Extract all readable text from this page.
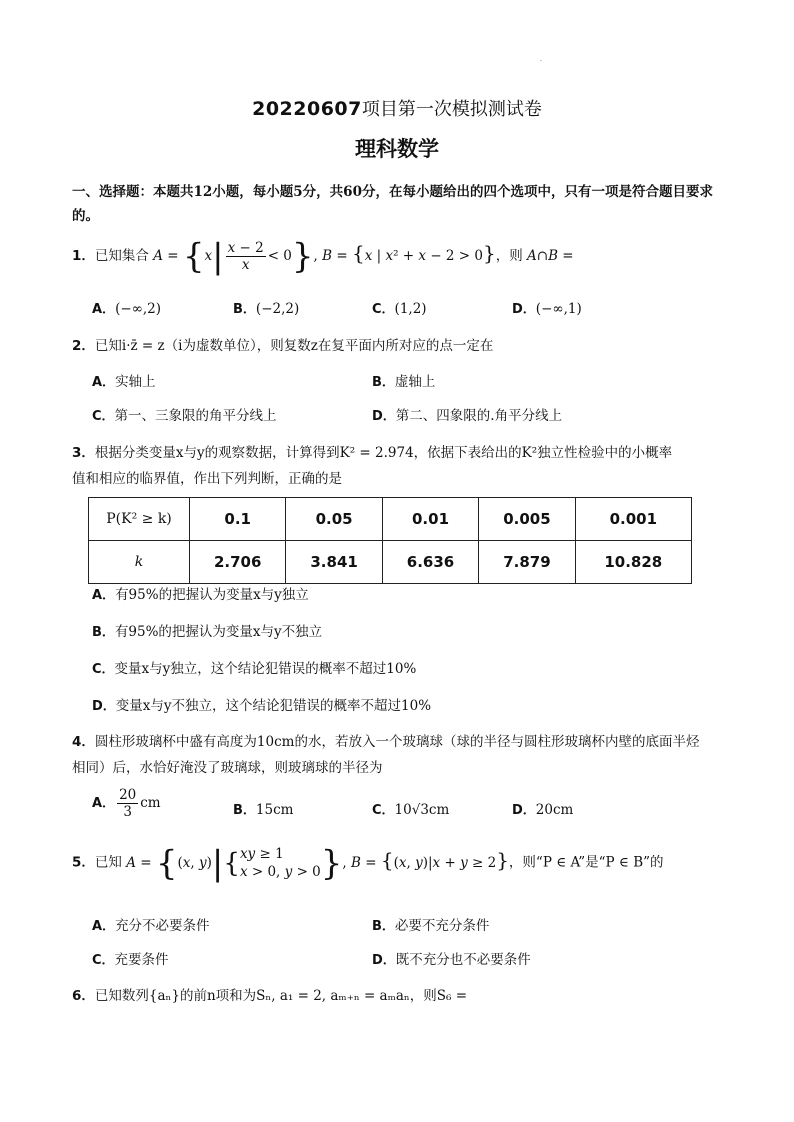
·
20220607项目第一次模拟测试卷
理科数学
一、选择题：本题共12小题，每小题5分，共60分，在每小题给出的四个选项中，只有一项是符合题目要求的。
1．已知集合 $A = \{x| \frac{x - 2}{x} < 0\}$, B = {x | x² + x − 2 > 0}，则 A∩B =
A．(−∞,2)	B．(−2,2)	C．(1,2)	D．(−∞,1)
2．已知i·z̄ = z（i为虚数单位），则复数z在复平面内所对应的点一定在
A．实轴上	B．虚轴上
C．第一、三象限的角平分线上	D．第二、四象限的.角平分线上
3．根据分类变量x与y的观察数据，计算得到K² = 2.974，依据下表给出的K²独立性检验中的小概率
值和相应的临界值，作出下列判断，正确的是
P(K² ≥ k)	0.1	0.05	0.01	0.005	0.001
k	2.706	3.841	6.636	7.879	10.828
A．有95%的把握认为变量x与y独立
B．有95%的把握认为变量x与y不独立
C．变量x与y独立，这个结论犯错误的概率不超过10%
D．变量x与y不独立，这个结论犯错误的概率不超过10%
4．圆柱形玻璃杯中盛有高度为10cm的水，若放入一个玻璃球（球的半径与圆柱形玻璃杯内壁的底面半烃
相同）后，水恰好淹没了玻璃球，则玻璃球的半径为
A． $\frac{20}{3}$ cm	B．15cm	C．10√3cm	D．20cm
5．已知 A = {(x, y)|{xy ≥ 1
x > 0, y > 0}, B = {(x, y)|x + y ≥ 2}，则“P ∈ A”是“P ∈ B”的
A．充分不必要条件	B．必要不充分条件
C．充要条件	D．既不充分也不必要条件
6．已知数列{aₙ}的前n项和为Sₙ, a₁ = 2, aₘ₊ₙ = aₘaₙ，则S₆ =
